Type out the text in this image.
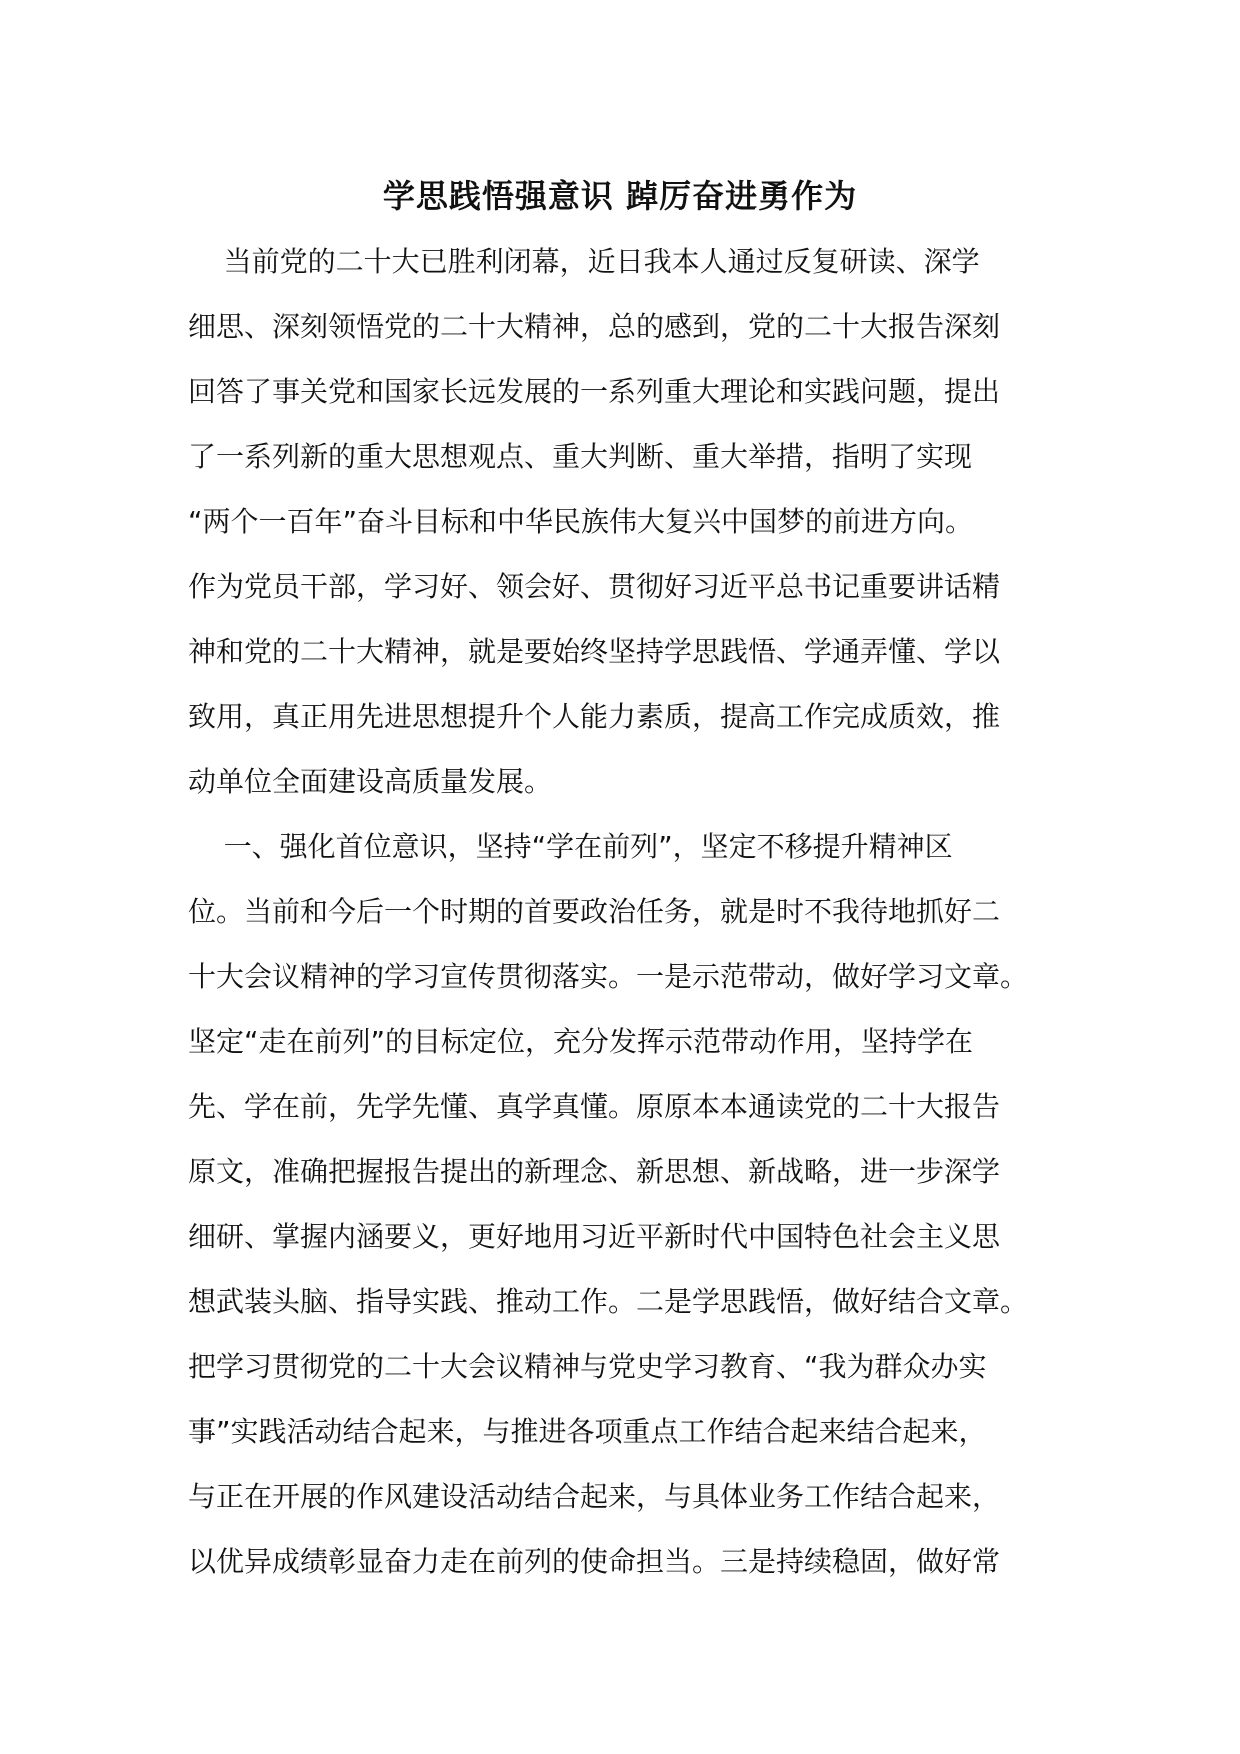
学思践悟强意识 踔厉奋进勇作为

当前党的二十大已胜利闭幕，近日我本人通过反复研读、深学

细思、深刻领悟党的二十大精神，总的感到，党的二十大报告深刻

回答了事关党和国家长远发展的一系列重大理论和实践问题，提出

了一系列新的重大思想观点、重大判断、重大举措，指明了实现

“两个一百年”奋斗目标和中华民族伟大复兴中国梦的前进方向。

作为党员干部，学习好、领会好、贯彻好习近平总书记重要讲话精

神和党的二十大精神，就是要始终坚持学思践悟、学通弄懂、学以

致用，真正用先进思想提升个人能力素质，提高工作完成质效，推

动单位全面建设高质量发展。

一、强化首位意识，坚持“学在前列”，坚定不移提升精神区

位。当前和今后一个时期的首要政治任务，就是时不我待地抓好二

十大会议精神的学习宣传贯彻落实。一是示范带动，做好学习文章。

坚定“走在前列”的目标定位，充分发挥示范带动作用，坚持学在

先、学在前，先学先懂、真学真懂。原原本本通读党的二十大报告

原文，准确把握报告提出的新理念、新思想、新战略，进一步深学

细研、掌握内涵要义，更好地用习近平新时代中国特色社会主义思

想武装头脑、指导实践、推动工作。二是学思践悟，做好结合文章。

把学习贯彻党的二十大会议精神与党史学习教育、“我为群众办实

事”实践活动结合起来，与推进各项重点工作结合起来结合起来，

与正在开展的作风建设活动结合起来，与具体业务工作结合起来，

以优异成绩彰显奋力走在前列的使命担当。三是持续稳固，做好常
